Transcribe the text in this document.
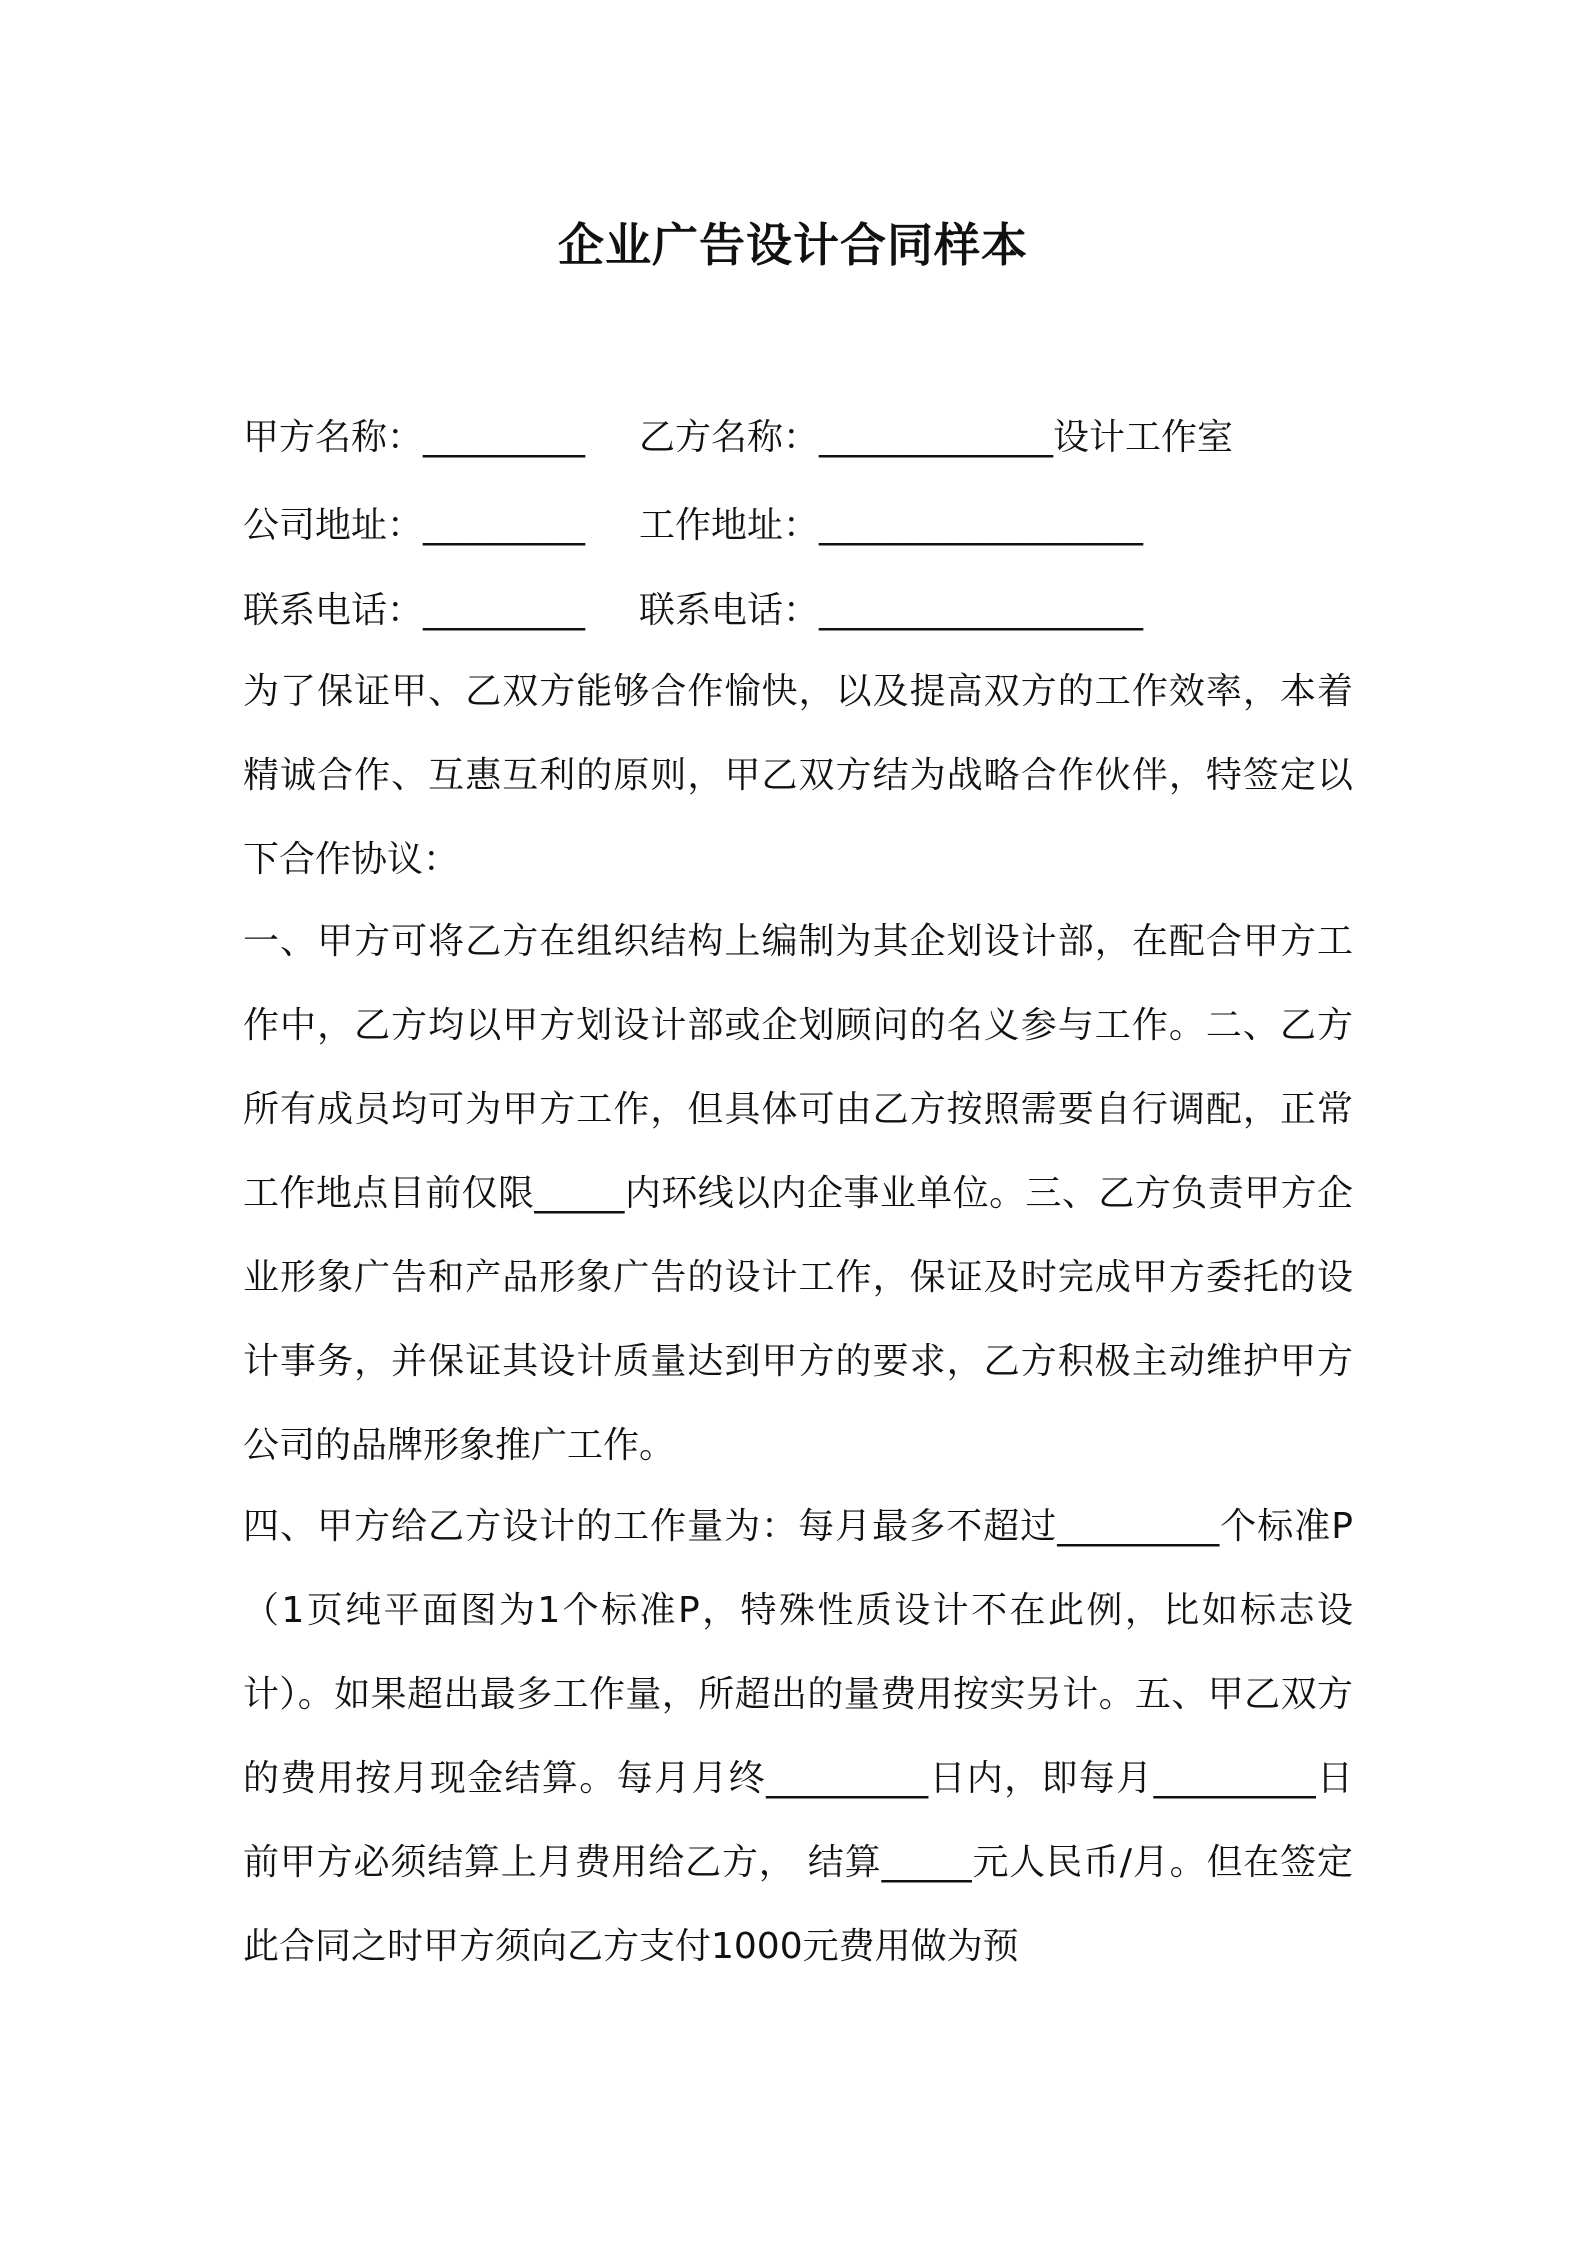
企业广告设计合同样本
甲方名称：_________ 乙方名称：_____________设计工作室
公司地址：_________ 工作地址：__________________
联系电话：_________ 联系电话：__________________

为了保证甲、乙双方能够合作愉快，以及提高双方的工作效率，本着精诚合作、互惠互利的原则，甲乙双方结为战略合作伙伴，特签定以下合作协议：

一、甲方可将乙方在组织结构上编制为其企划设计部，在配合甲方工作中，乙方均以甲方划设计部或企划顾问的名义参与工作。二、乙方所有成员均可为甲方工作，但具体可由乙方按照需要自行调配，正常工作地点目前仅限_____内环线以内企事业单位。三、乙方负责甲方企业形象广告和产品形象广告的设计工作，保证及时完成甲方委托的设计事务，并保证其设计质量达到甲方的要求，乙方积极主动维护甲方公司的品牌形象推广工作。

四、甲方给乙方设计的工作量为：每月最多不超过_________个标准P（1页纯平面图为1个标准P，特殊性质设计不在此例，比如标志设计）。如果超出最多工作量，所超出的量费用按实另计。五、甲乙双方的费用按月现金结算。每月月终_________日内，即每月_________日前甲方必须结算上月费用给乙方， 结算_____元人民币/月。但在签定此合同之时甲方须向乙方支付1000元费用做为预
